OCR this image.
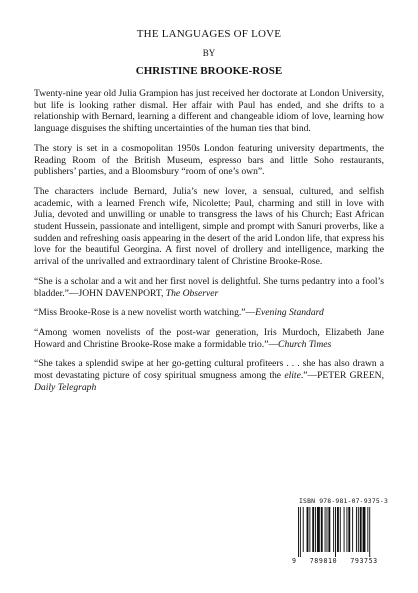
THE LANGUAGES OF LOVE
BY
CHRISTINE BROOKE-ROSE

Twenty-nine year old Julia Grampion has just received her doctorate at London University, but life is looking rather dismal. Her affair with Paul has ended, and she drifts to a relationship with Bernard, learning a different and changeable idiom of love, learning how language disguises the shifting uncertainties of the human ties that bind.

The story is set in a cosmopolitan 1950s London featuring university departments, the Reading Room of the British Museum, espresso bars and little Soho restaurants, publishers’ parties, and a Bloomsbury “room of one’s own”.

The characters include Bernard, Julia’s new lover, a sensual, cultured, and selfish academic, with a learned French wife, Nicolette; Paul, charming and still in love with Julia, devoted and unwilling or unable to transgress the laws of his Church; East African student Hussein, passionate and intelligent, simple and prompt with Sanuri proverbs, like a sudden and refreshing oasis appearing in the desert of the arid London life, that express his love for the beautiful Georgina. A first novel of drollery and intelligence, marking the arrival of the unrivalled and extraordinary talent of Christine Brooke-Rose.

“She is a scholar and a wit and her first novel is delightful. She turns pedantry into a fool’s bladder.”—JOHN DAVENPORT, The Observer

“Miss Brooke-Rose is a new novelist worth watching.”—Evening Standard

“Among women novelists of the post-war generation, Iris Murdoch, Elizabeth Jane Howard and Christine Brooke-Rose make a formidable trio.”—Church Times

“She takes a splendid swipe at her go-getting cultural profiteers . . . she has also drawn a most devastating picture of cosy spiritual smugness among the elite.”—PETER GREEN, Daily Telegraph

ISBN 978-981-07-9375-3
9 789810 793753
